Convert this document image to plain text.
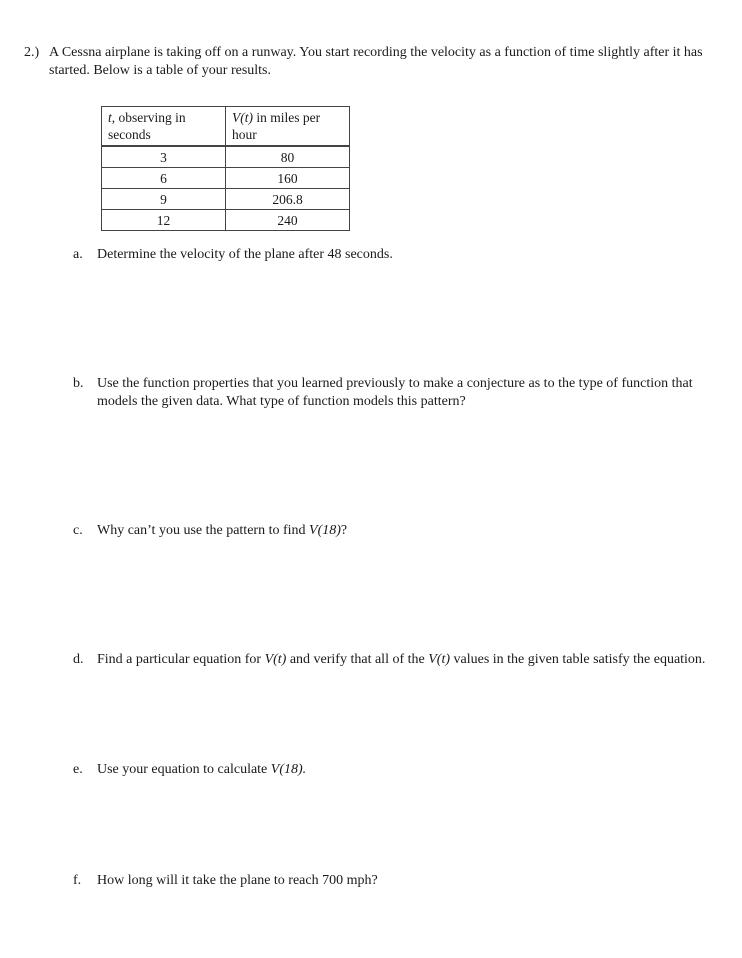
2.) A Cessna airplane is taking off on a runway. You start recording the velocity as a function of time slightly after it has started. Below is a table of your results.
t, observing in seconds	V(t) in miles per hour
3	80
6	160
9	206.8
12	240
a. Determine the velocity of the plane after 48 seconds.
b. Use the function properties that you learned previously to make a conjecture as to the type of function that models the given data. What type of function models this pattern?
c. Why can’t you use the pattern to find V(18)?
d. Find a particular equation for V(t) and verify that all of the V(t) values in the given table satisfy the equation.
e. Use your equation to calculate V(18).
f. How long will it take the plane to reach 700 mph?
